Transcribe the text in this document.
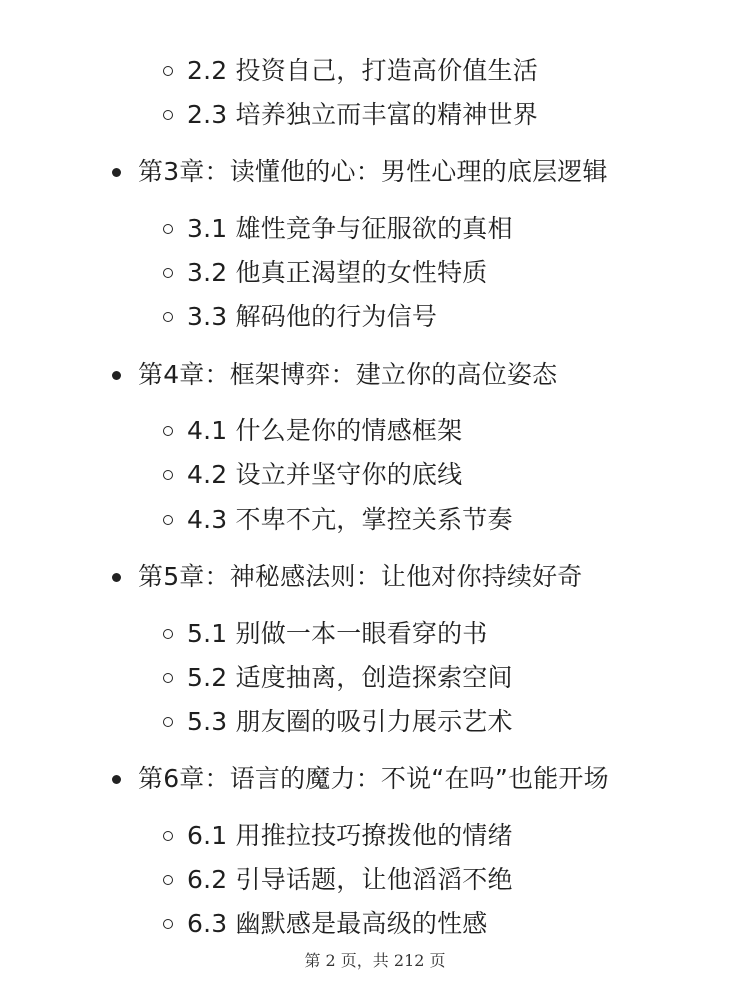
2.2 投资自己，打造高价值生活
2.3 培养独立而丰富的精神世界
第3章：读懂他的心：男性心理的底层逻辑
3.1 雄性竞争与征服欲的真相
3.2 他真正渴望的女性特质
3.3 解码他的行为信号
第4章：框架博弈：建立你的高位姿态
4.1 什么是你的情感框架
4.2 设立并坚守你的底线
4.3 不卑不亢，掌控关系节奏
第5章：神秘感法则：让他对你持续好奇
5.1 别做一本一眼看穿的书
5.2 适度抽离，创造探索空间
5.3 朋友圈的吸引力展示艺术
第6章：语言的魔力：不说“在吗”也能开场
6.1 用推拉技巧撩拨他的情绪
6.2 引导话题，让他滔滔不绝
6.3 幽默感是最高级的性感
第 2 页，共 212 页
